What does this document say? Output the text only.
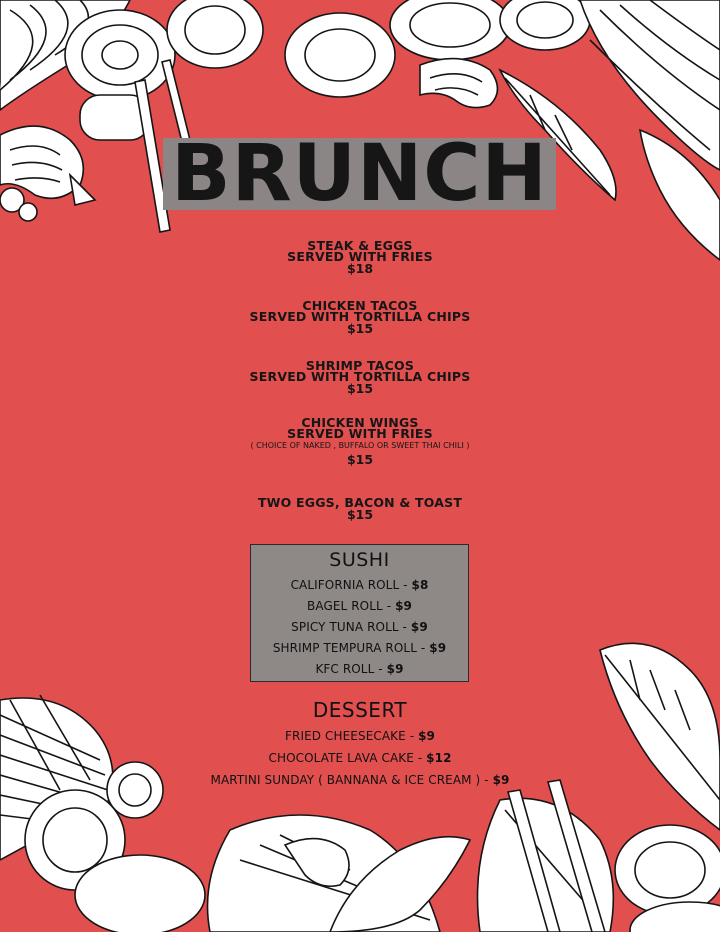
BRUNCH
STEAK & EGGS
SERVED WITH FRIES
$18
CHICKEN TACOS
SERVED WITH TORTILLA CHIPS
$15
SHRIMP TACOS
SERVED WITH TORTILLA CHIPS
$15
CHICKEN WINGS
SERVED WITH FRIES
( CHOICE OF NAKED , BUFFALO OR SWEET THAI CHILI )
$15
TWO EGGS, BACON & TOAST
$15
SUSHI
CALIFORNIA ROLL - $8
BAGEL ROLL - $9
SPICY TUNA ROLL - $9
SHRIMP TEMPURA ROLL - $9
KFC ROLL - $9
DESSERT
FRIED CHEESECAKE - $9
CHOCOLATE LAVA CAKE - $12
MARTINI SUNDAY ( BANNANA & ICE CREAM ) - $9
